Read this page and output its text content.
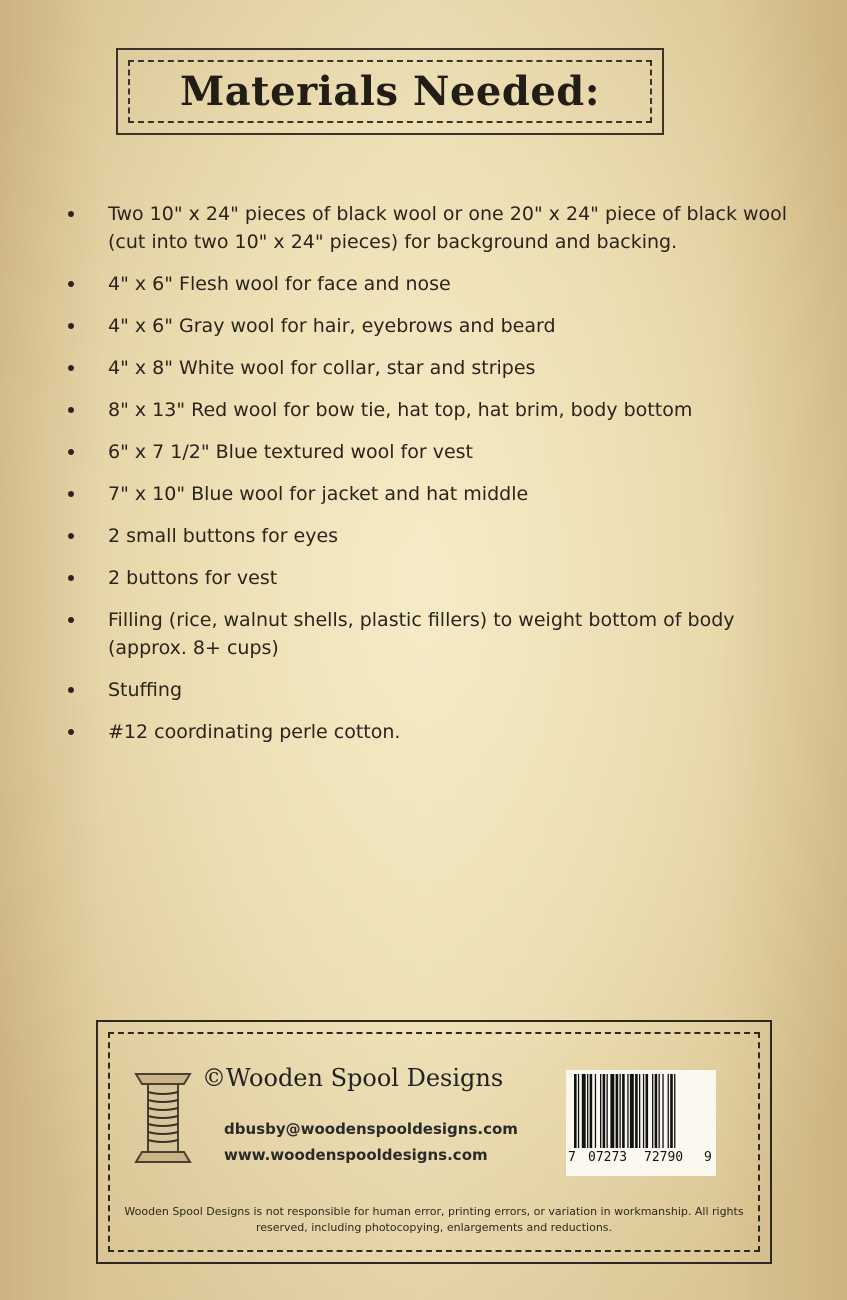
Materials Needed:
Two 10" x 24" pieces of black wool or one 20" x 24" piece of black wool (cut into two 10" x 24" pieces) for background and backing.
4" x 6" Flesh wool for face and nose
4" x 6" Gray wool for hair, eyebrows and beard
4" x 8" White wool for collar, star and stripes
8" x 13" Red wool for bow tie, hat top, hat brim, body bottom
6" x 7 1/2" Blue textured wool for vest
7" x 10" Blue wool for jacket and hat middle
2 small buttons for eyes
2 buttons for vest
Filling (rice, walnut shells, plastic fillers) to weight bottom of body (approx. 8+ cups)
Stuffing
#12 coordinating perle cotton.
©Wooden Spool Designs
dbusby@woodenspooldesigns.com
www.woodenspooldesigns.com	7 07273 72790 9
Wooden Spool Designs is not responsible for human error, printing errors, or variation in workmanship. All rights reserved, including photocopying, enlargements and reductions.
